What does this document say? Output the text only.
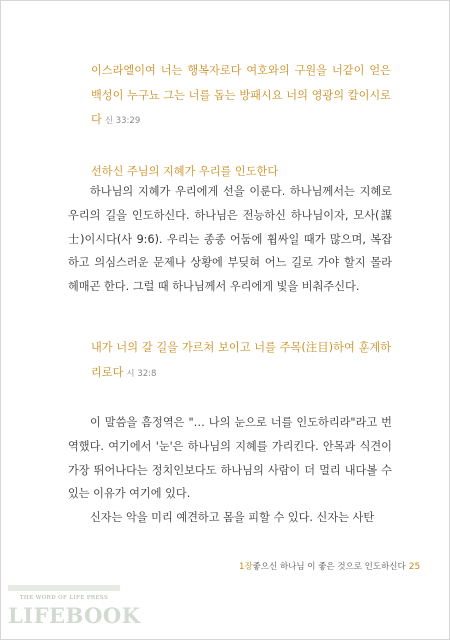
이스라엘이여 너는 행복자로다 여호와의 구원을 너같이 얻은 백성이 누구뇨 그는 너를 돕는 방패시요 너의 영광의 칼이시로다 신 33:29
선하신 주님의 지혜가 우리를 인도한다

하나님의 지혜가 우리에게 선을 이룬다. 하나님께서는 지혜로 우리의 길을 인도하신다. 하나님은 전능하신 하나님이자, 모사(謀士)이시다(사 9:6). 우리는 종종 어둠에 휩싸일 때가 많으며, 복잡하고 의심스러운 문제나 상황에 부딪혀 어느 길로 가야 할지 몰라 헤매곤 한다. 그럴 때 하나님께서 우리에게 빛을 비춰주신다.

내가 너의 갈 길을 가르쳐 보이고 너를 주목(注目)하여 훈계하리로다 시 32:8

이 말씀을 흠정역은 "… 나의 눈으로 너를 인도하리라"라고 번역했다. 여기에서 '눈'은 하나님의 지혜를 가리킨다. 안목과 식견이 가장 뛰어나다는 정치인보다도 하나님의 사람이 더 멀리 내다볼 수 있는 이유가 여기에 있다.

신자는 악을 미리 예견하고 몸을 피할 수 있다. 신자는 사탄

1장좋으신 하나님 이 좋은 것으로 인도하신다 25
THE WORD OF LIFE PRESS
LIFEBOOK
